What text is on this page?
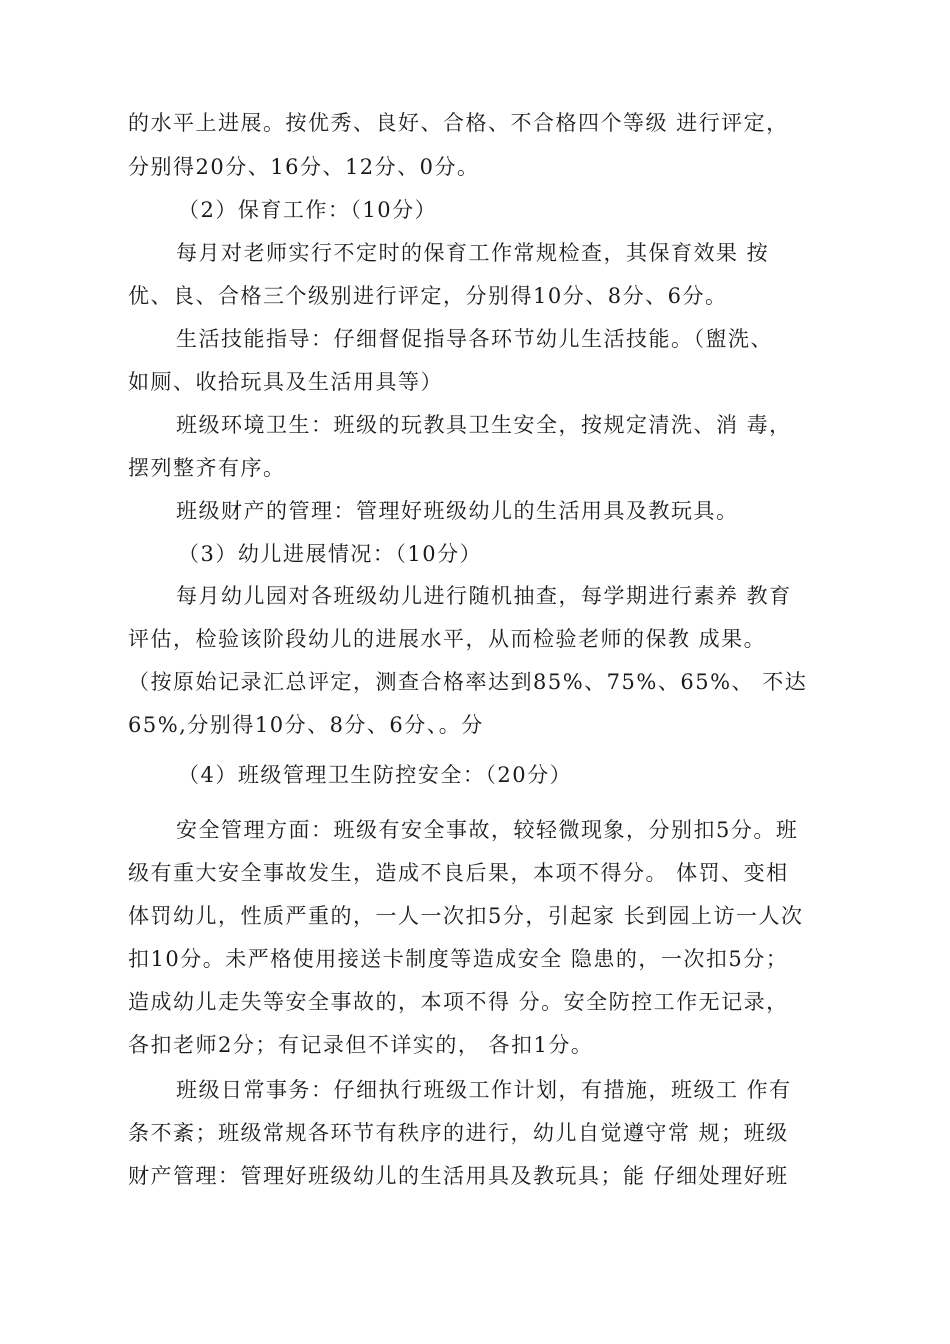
的水平上进展。按优秀、良好、合格、不合格四个等级 进行评定，
分别得20分、16分、12分、0分。
（2）保育工作：（10分）
每月对老师实行不定时的保育工作常规检查，其保育效果 按
优、良、合格三个级别进行评定，分别得10分、8分、6分。
生活技能指导：仔细督促指导各环节幼儿生活技能。（盥洗、
如厕、收拾玩具及生活用具等）
班级环境卫生：班级的玩教具卫生安全，按规定清洗、消 毒，
摆列整齐有序。
班级财产的管理：管理好班级幼儿的生活用具及教玩具。
（3）幼儿进展情况：（10分）
每月幼儿园对各班级幼儿进行随机抽查，每学期进行素养 教育
评估，检验该阶段幼儿的进展水平，从而检验老师的保教 成果。
（按原始记录汇总评定，测查合格率达到85%、75%、65%、 不达
65%,分别得10分、8分、6分、。分
（4）班级管理卫生防控安全：（20分）
安全管理方面：班级有安全事故，较轻微现象，分别扣5分。班
级有重大安全事故发生，造成不良后果，本项不得分。 体罚、变相
体罚幼儿，性质严重的，一人一次扣5分，引起家 长到园上访一人次
扣10分。未严格使用接送卡制度等造成安全 隐患的，一次扣5分；
造成幼儿走失等安全事故的，本项不得 分。安全防控工作无记录，
各扣老师2分；有记录但不详实的， 各扣1分。
班级日常事务：仔细执行班级工作计划，有措施，班级工 作有
条不紊；班级常规各环节有秩序的进行，幼儿自觉遵守常 规；班级
财产管理：管理好班级幼儿的生活用具及教玩具；能 仔细处理好班
